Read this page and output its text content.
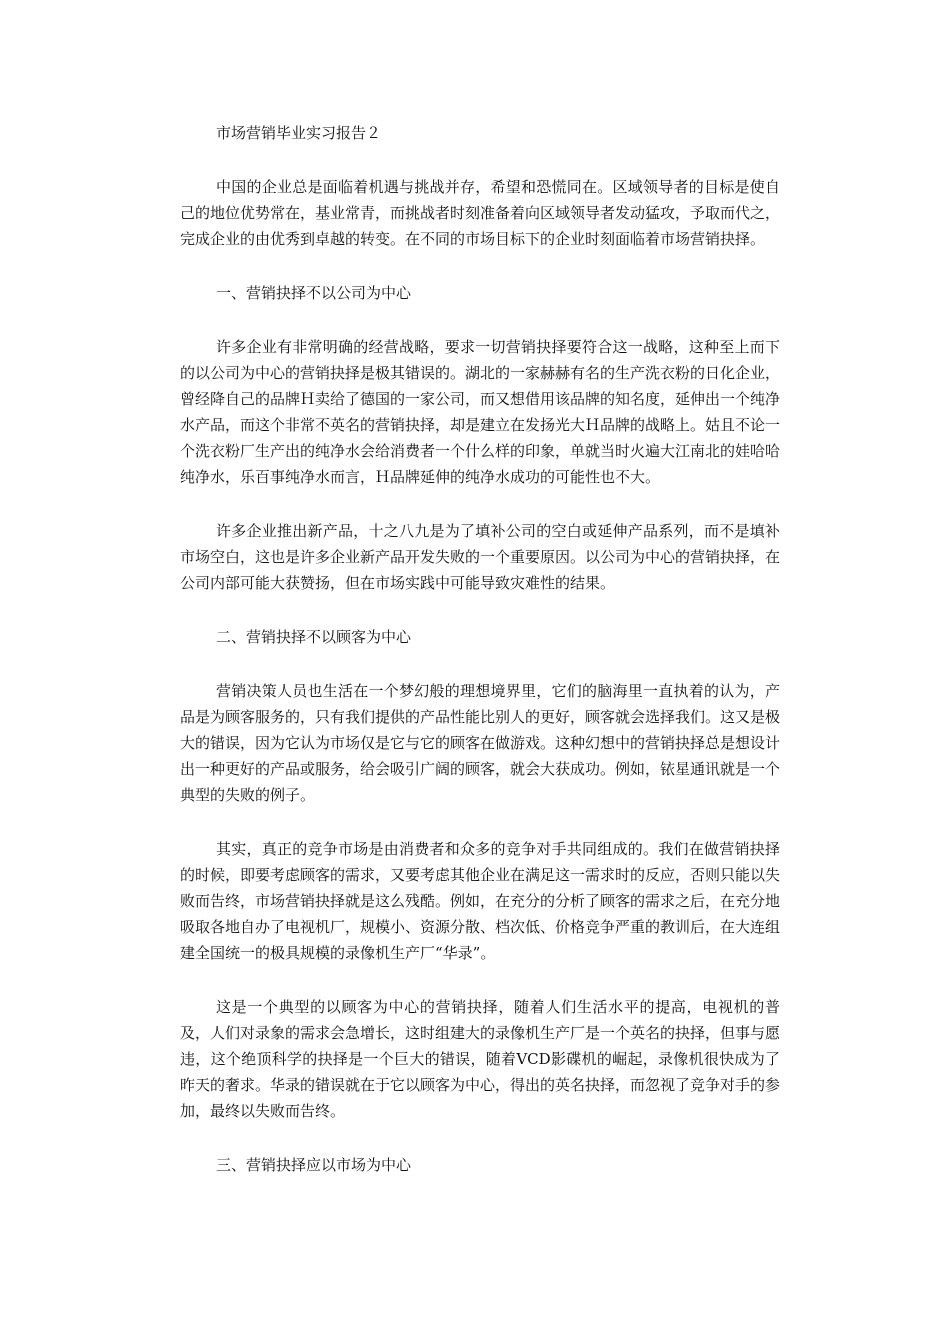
市场营销毕业实习报告２

中国的企业总是面临着机遇与挑战并存，希望和恐慌同在。区域领导者的目标是使自己的地位优势常在，基业常青，而挑战者时刻准备着向区域领导者发动猛攻，予取而代之，完成企业的由优秀到卓越的转变。在不同的市场目标下的企业时刻面临着市场营销抉择。

一、营销抉择不以公司为中心

许多企业有非常明确的经营战略，要求一切营销抉择要符合这一战略，这种至上而下的以公司为中心的营销抉择是极其错误的。湖北的一家赫赫有名的生产洗衣粉的日化企业，曾经降自己的品牌Ｈ卖给了德国的一家公司，而又想借用该品牌的知名度，延伸出一个纯净水产品，而这个非常不英名的营销抉择，却是建立在发扬光大Ｈ品牌的战略上。姑且不论一个洗衣粉厂生产出的纯净水会给消费者一个什么样的印象，单就当时火遍大江南北的娃哈哈纯净水，乐百事纯净水而言，Ｈ品牌延伸的纯净水成功的可能性也不大。

许多企业推出新产品，十之八九是为了填补公司的空白或延伸产品系列，而不是填补市场空白，这也是许多企业新产品开发失败的一个重要原因。以公司为中心的营销抉择，在公司内部可能大获赞扬，但在市场实践中可能导致灾难性的结果。

二、营销抉择不以顾客为中心

营销决策人员也生活在一个梦幻般的理想境界里，它们的脑海里一直执着的认为，产品是为顾客服务的，只有我们提供的产品性能比别人的更好，顾客就会选择我们。这又是极大的错误，因为它认为市场仅是它与它的顾客在做游戏。这种幻想中的营销抉择总是想设计出一种更好的产品或服务，给会吸引广阔的顾客，就会大获成功。例如，铱星通讯就是一个典型的失败的例子。

其实，真正的竞争市场是由消费者和众多的竞争对手共同组成的。我们在做营销抉择的时候，即要考虑顾客的需求，又要考虑其他企业在满足这一需求时的反应，否则只能以失败而告终，市场营销抉择就是这么残酷。例如，在充分的分析了顾客的需求之后，在充分地吸取各地自办了电视机厂，规模小、资源分散、档次低、价格竞争严重的教训后，在大连组建全国统一的极具规模的录像机生产厂“华录”。

这是一个典型的以顾客为中心的营销抉择，随着人们生活水平的提高，电视机的普及，人们对录象的需求会急增长，这时组建大的录像机生产厂是一个英名的抉择，但事与愿违，这个绝顶科学的抉择是一个巨大的错误，随着VCD影碟机的崛起，录像机很快成为了昨天的奢求。华录的错误就在于它以顾客为中心，得出的英名抉择，而忽视了竞争对手的参加，最终以失败而告终。

三、营销抉择应以市场为中心
